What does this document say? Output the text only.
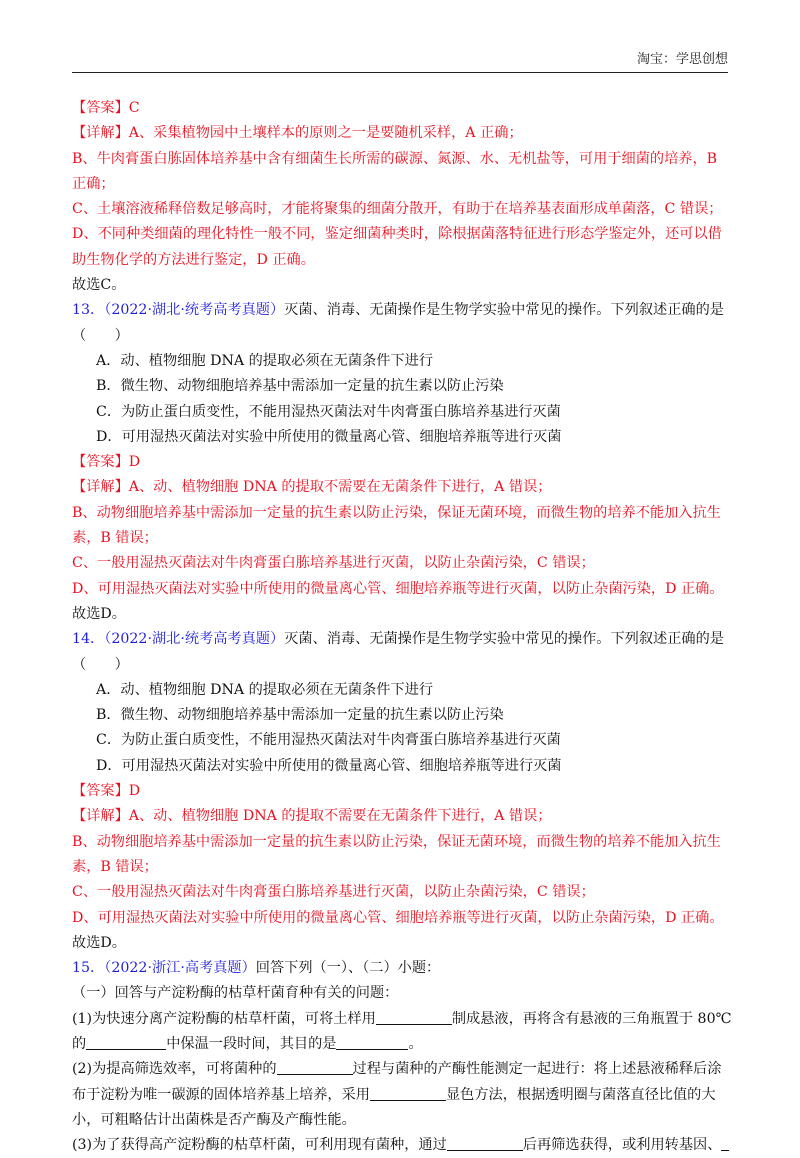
淘宝：学思创想
【答案】C
【详解】A、采集植物园中土壤样本的原则之一是要随机采样，A 正确；
B、牛肉膏蛋白胨固体培养基中含有细菌生长所需的碳源、氮源、水、无机盐等，可用于细菌的培养，B
正确；
C、土壤溶液稀释倍数足够高时，才能将聚集的细菌分散开，有助于在培养基表面形成单菌落，C 错误；
D、不同种类细菌的理化特性一般不同，鉴定细菌种类时，除根据菌落特征进行形态学鉴定外，还可以借
助生物化学的方法进行鉴定，D 正确。
故选C。
13．（2022·湖北·统考高考真题）灭菌、消毒、无菌操作是生物学实验中常见的操作。下列叙述正确的是
（　　）
A．动、植物细胞 DNA 的提取必须在无菌条件下进行
B．微生物、动物细胞培养基中需添加一定量的抗生素以防止污染
C．为防止蛋白质变性，不能用湿热灭菌法对牛肉膏蛋白胨培养基进行灭菌
D．可用湿热灭菌法对实验中所使用的微量离心管、细胞培养瓶等进行灭菌
【答案】D
【详解】A、动、植物细胞 DNA 的提取不需要在无菌条件下进行，A 错误；
B、动物细胞培养基中需添加一定量的抗生素以防止污染，保证无菌环境，而微生物的培养不能加入抗生
素，B 错误；
C、一般用湿热灭菌法对牛肉膏蛋白胨培养基进行灭菌，以防止杂菌污染，C 错误；
D、可用湿热灭菌法对实验中所使用的微量离心管、细胞培养瓶等进行灭菌，以防止杂菌污染，D 正确。
故选D。
14．（2022·湖北·统考高考真题）灭菌、消毒、无菌操作是生物学实验中常见的操作。下列叙述正确的是
（　　）
A．动、植物细胞 DNA 的提取必须在无菌条件下进行
B．微生物、动物细胞培养基中需添加一定量的抗生素以防止污染
C．为防止蛋白质变性，不能用湿热灭菌法对牛肉膏蛋白胨培养基进行灭菌
D．可用湿热灭菌法对实验中所使用的微量离心管、细胞培养瓶等进行灭菌
【答案】D
【详解】A、动、植物细胞 DNA 的提取不需要在无菌条件下进行，A 错误；
B、动物细胞培养基中需添加一定量的抗生素以防止污染，保证无菌环境，而微生物的培养不能加入抗生
素，B 错误；
C、一般用湿热灭菌法对牛肉膏蛋白胨培养基进行灭菌，以防止杂菌污染，C 错误；
D、可用湿热灭菌法对实验中所使用的微量离心管、细胞培养瓶等进行灭菌，以防止杂菌污染，D 正确。
故选D。
15．（2022·浙江·高考真题）回答下列（一）、（二）小题：
（一）回答与产淀粉酶的枯草杆菌育种有关的问题：
(1)为快速分离产淀粉酶的枯草杆菌，可将土样用	制成悬液，再将含有悬液的三角瓶置于 80℃
的	中保温一段时间，其目的是	。
(2)为提高筛选效率，可将菌种的	过程与菌种的产酶性能测定一起进行：将上述悬液稀释后涂
布于淀粉为唯一碳源的固体培养基上培养，采用	显色方法，根据透明圈与菌落直径比值的大
小，可粗略估计出菌株是否产酶及产酶性能。
(3)为了获得高产淀粉酶的枯草杆菌，可利用现有菌种，通过	后再筛选获得，或利用转基因、
